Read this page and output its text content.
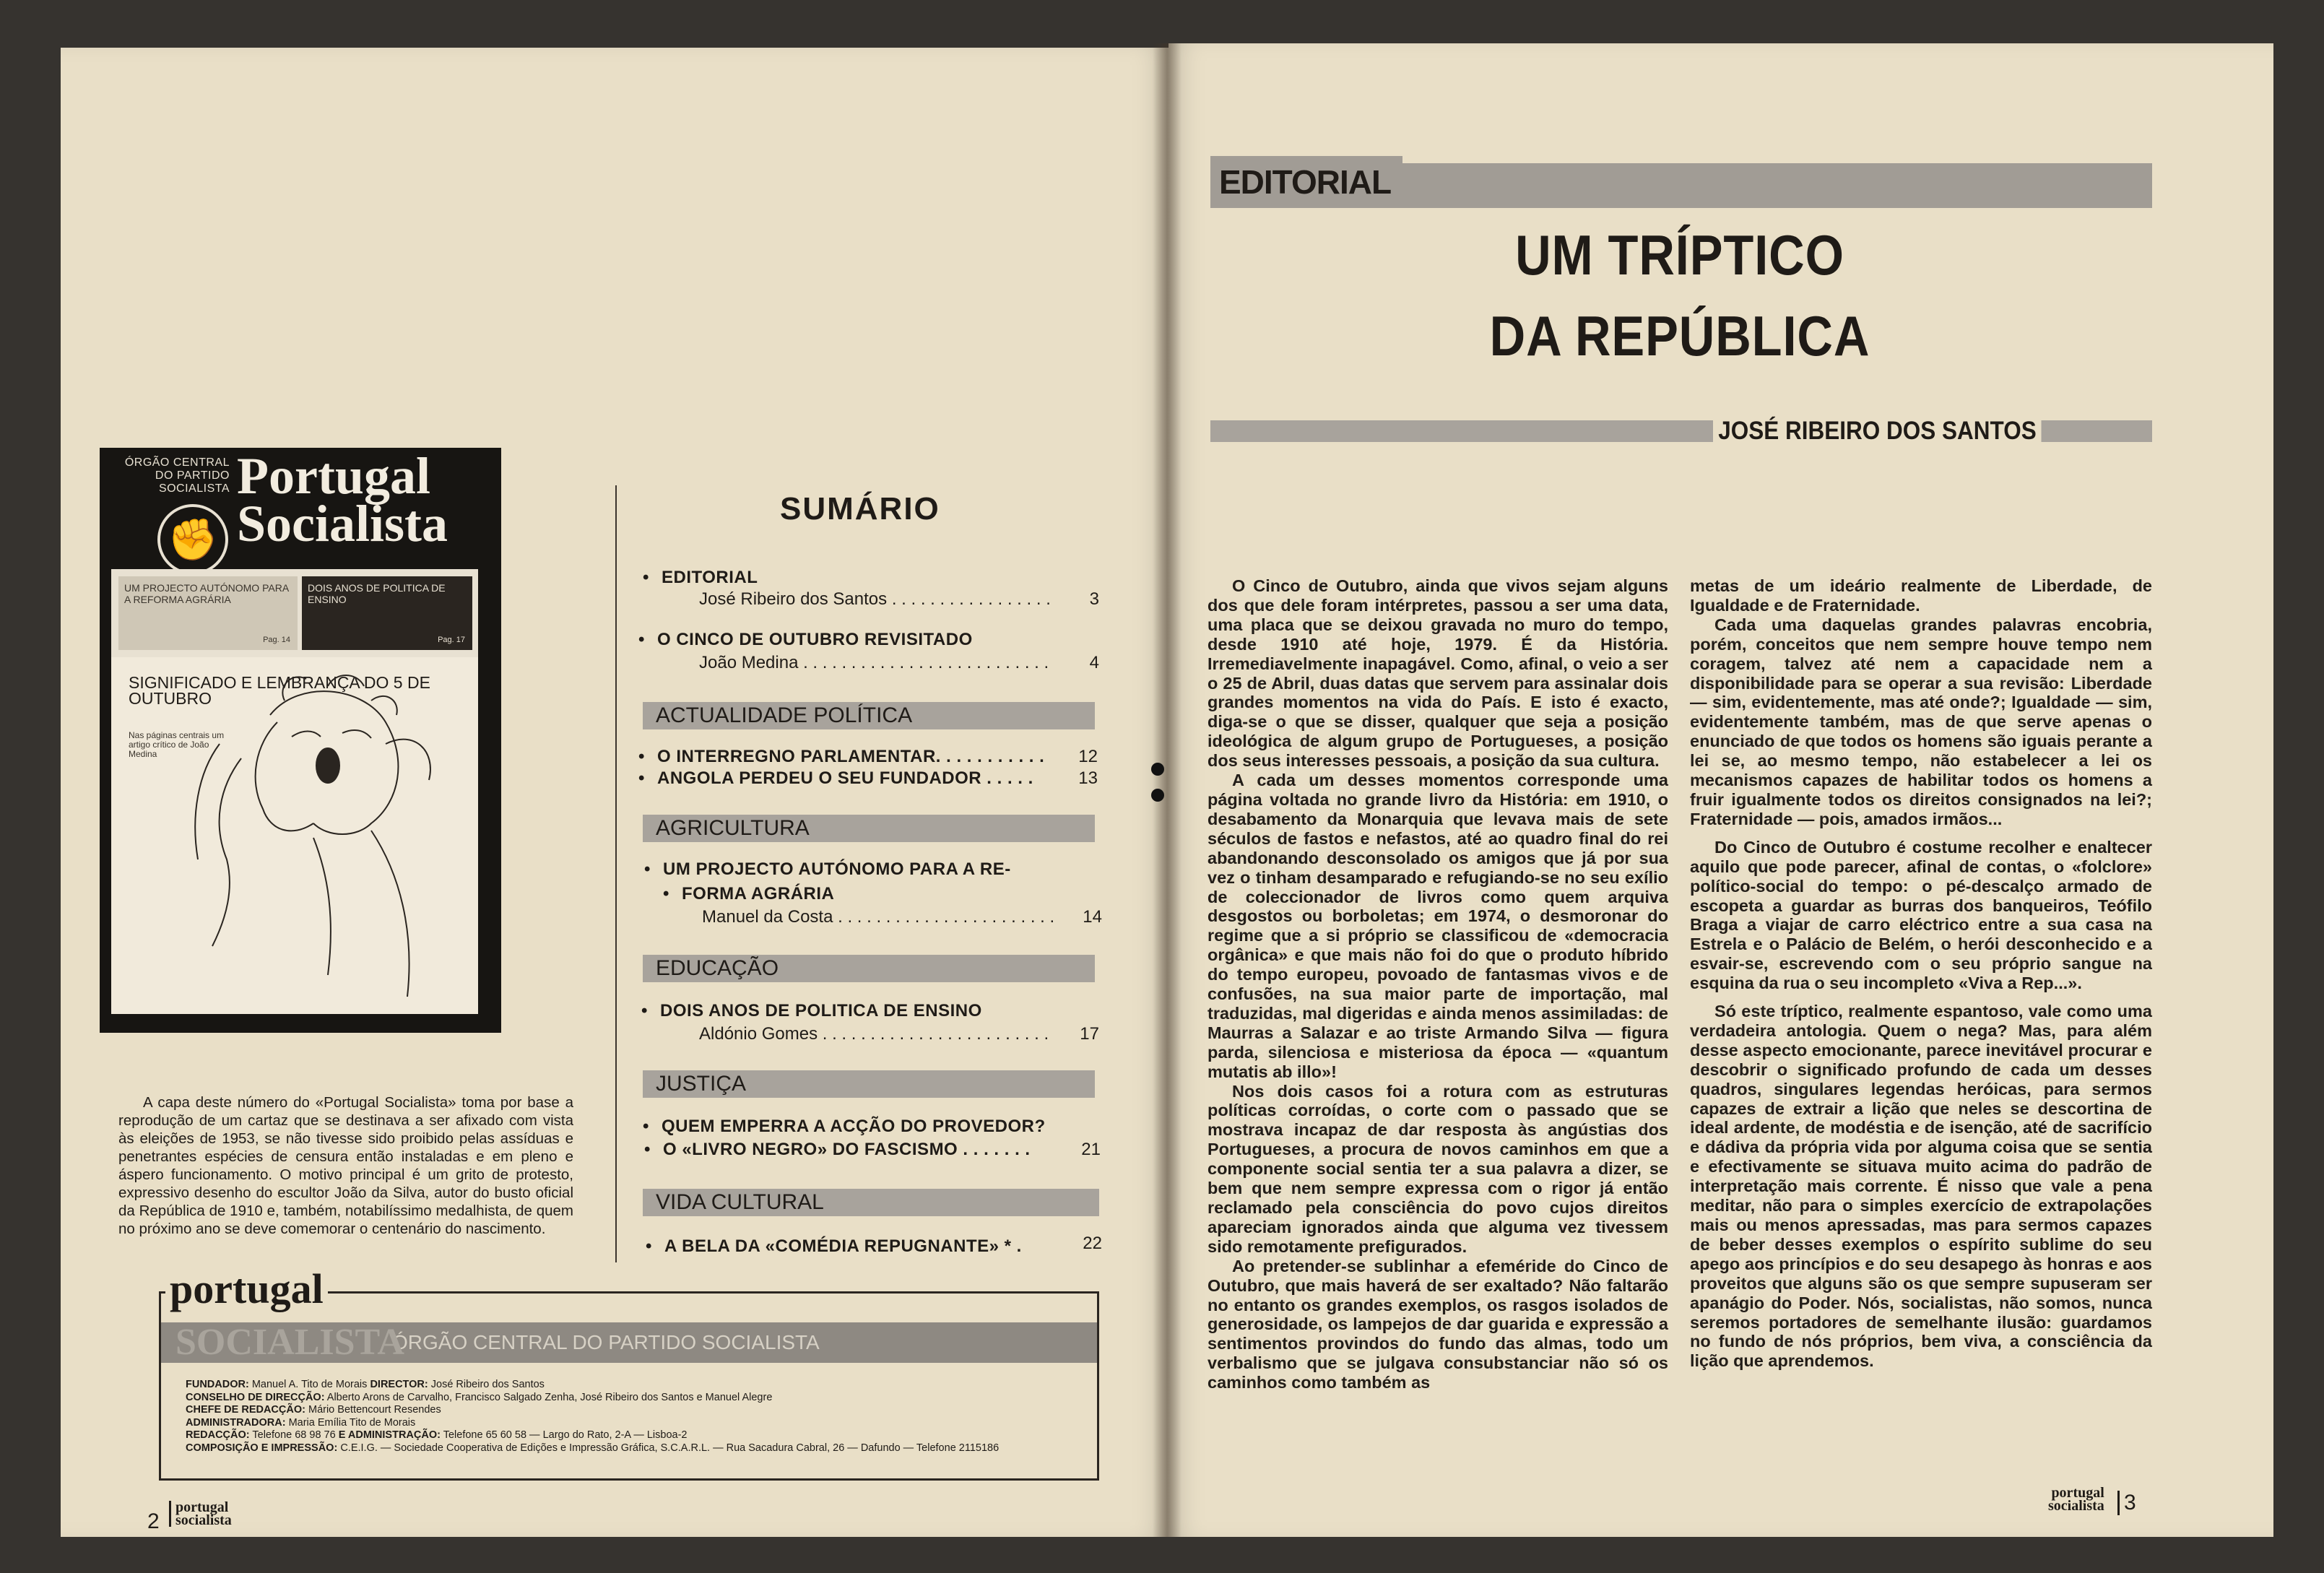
ÓRGÃO CENTRAL DO PARTIDO SOCIALISTA Portugal
Socialista
✊
UM PROJECTO AUTÓNOMO PARA A REFORMA AGRÁRIA
Pag. 14
DOIS ANOS DE POLITICA DE ENSINO
Pag. 17
SIGNIFICADO E LEMBRANÇA DO 5 DE OUTUBRO
Nas páginas centrais um artigo crítico de João Medina
A capa deste número do «Portugal Socialista» toma por base a reprodução de um cartaz que se destinava a ser afixado com vista às eleições de 1953, se não tivesse sido proibido pelas assíduas e penetrantes espécies de censura então instaladas e em pleno e áspero funcionamento. O motivo principal é um grito de protesto, expressivo desenho do escultor João da Silva, autor do busto oficial da República de 1910 e, também, notabilíssimo medalhista, de quem no próximo ano se deve comemorar o centenário do nascimento.
SUMÁRIO
• EDITORIAL
José Ribeiro dos Santos . . . . . . . . . . . . . . . . .	3
• O CINCO DE OUTUBRO REVISITADO
João Medina . . . . . . . . . . . . . . . . . . . . . . . . . .	4
ACTUALIDADE POLÍTICA
• O INTERREGNO PARLAMENTAR. . . . . . . . . . .	12
• ANGOLA PERDEU O SEU FUNDADOR . . . . .	13
AGRICULTURA
• UM PROJECTO AUTÓNOMO PARA A RE-
• FORMA AGRÁRIA
Manuel da Costa . . . . . . . . . . . . . . . . . . . . . . .	14
EDUCAÇÃO
• DOIS ANOS DE POLITICA DE ENSINO
Aldónio Gomes . . . . . . . . . . . . . . . . . . . . . . . .	17
JUSTIÇA
• QUEM EMPERRA A ACÇÃO DO PROVEDOR?
• O «LIVRO NEGRO» DO FASCISMO . . . . . . .	21
VIDA CULTURAL
• A BELA DA «COMÉDIA REPUGNANTE» * .	22
portugal
SOCIALISTA
ÓRGÃO CENTRAL DO PARTIDO SOCIALISTA
FUNDADOR: Manuel A. Tito de Morais DIRECTOR: José Ribeiro dos Santos
CONSELHO DE DIRECÇÃO: Alberto Arons de Carvalho, Francisco Salgado Zenha, José Ribeiro dos Santos e Manuel Alegre
CHEFE DE REDACÇÃO: Mário Bettencourt Resendes
ADMINISTRADORA: Maria Emília Tito de Morais
REDACÇÃO: Telefone 68 98 76 E ADMINISTRAÇÃO: Telefone 65 60 58 — Largo do Rato, 2-A — Lisboa-2
COMPOSIÇÃO E IMPRESSÃO: C.E.I.G. — Sociedade Cooperativa de Edições e Impressão Gráfica, S.C.A.R.L. — Rua Sacadura Cabral, 26 — Dafundo — Telefone 2115186
2
portugal
socialista
EDITORIAL
UM TRÍPTICO
DA REPÚBLICA
JOSÉ RIBEIRO DOS SANTOS

O Cinco de Outubro, ainda que vivos sejam alguns dos que dele foram intérpretes, passou a ser uma data, uma placa que se deixou gravada no muro do tempo, desde 1910 até hoje, 1979. É da História. Irremediavelmente inapagável. Como, afinal, o veio a ser o 25 de Abril, duas datas que servem para assinalar dois grandes momentos na vida do País. E isto é exacto, diga-se o que se disser, qualquer que seja a posição ideológica de algum grupo de Portugueses, a posição dos seus interesses pessoais, a posição da sua cultura.

A cada um desses momentos corresponde uma página voltada no grande livro da História: em 1910, o desabamento da Monarquia que levava mais de sete séculos de fastos e nefastos, até ao quadro final do rei abandonando desconsolado os amigos que já por sua vez o tinham desamparado e refugiando-se no seu exílio de coleccionador de livros como quem arquiva desgostos ou borboletas; em 1974, o desmoronar do regime que a si próprio se classificou de «democracia orgânica» e que mais não foi do que o produto híbrido do tempo europeu, povoado de fantasmas vivos e de confusões, na sua maior parte de importação, mal traduzidas, mal digeridas e ainda menos assimiladas: de Maurras a Salazar e ao triste Armando Silva — figura parda, silenciosa e misteriosa da época — «quantum mutatis ab illo»!

Nos dois casos foi a rotura com as estruturas políticas corroídas, o corte com o passado que se mostrava incapaz de dar resposta às angústias dos Portugueses, a procura de novos caminhos em que a componente social sentia ter a sua palavra a dizer, se bem que nem sempre expressa com o rigor já então reclamado pela consciência do povo cujos direitos apareciam ignorados ainda que alguma vez tivessem sido remotamente prefigurados.

Ao pretender-se sublinhar a efeméride do Cinco de Outubro, que mais haverá de ser exaltado? Não faltarão no entanto os grandes exemplos, os rasgos isolados de generosidade, os lampejos de dar guarida e expressão a sentimentos provindos do fundo das almas, todo um verbalismo que se julgava consubstanciar não só os caminhos como também as

metas de um ideário realmente de Liberdade, de Igualdade e de Fraternidade.

Cada uma daquelas grandes palavras encobria, porém, conceitos que nem sempre houve tempo nem coragem, talvez até nem a capacidade nem a disponibilidade para se operar a sua revisão: Liberdade — sim, evidentemente, mas até onde?; Igualdade — sim, evidentemente também, mas de que serve apenas o enunciado de que todos os homens são iguais perante a lei se, ao mesmo tempo, não estabelecer a lei os mecanismos capazes de habilitar todos os homens a fruir igualmente todos os direitos consignados na lei?; Fraternidade — pois, amados irmãos...

Do Cinco de Outubro é costume recolher e enaltecer aquilo que pode parecer, afinal de contas, o «folclore» político-social do tempo: o pé-descalço armado de escopeta a guardar as burras dos banqueiros, Teófilo Braga a viajar de carro eléctrico entre a sua casa na Estrela e o Palácio de Belém, o herói desconhecido e a esvair-se, escrevendo com o seu próprio sangue na esquina da rua o seu incompleto «Viva a Rep...».

Só este tríptico, realmente espantoso, vale como uma verdadeira antologia. Quem o nega? Mas, para além desse aspecto emocionante, parece inevitável procurar e descobrir o significado profundo de cada um desses quadros, singulares legendas heróicas, para sermos capazes de extrair a lição que neles se descortina de ideal ardente, de modéstia e de isenção, até de sacrifício e dádiva da própria vida por alguma coisa que se sentia e efectivamente se situava muito acima do padrão de interpretação mais corrente. É nisso que vale a pena meditar, não para o simples exercício de extrapolações mais ou menos apressadas, mas para sermos capazes de beber desses exemplos o espírito sublime do seu apego aos princípios e do seu desapego às honras e aos proveitos que alguns são os que sempre supuseram ser apanágio do Poder. Nós, socialistas, não somos, nunca seremos portadores de semelhante ilusão: guardamos no fundo de nós próprios, bem viva, a consciência da lição que aprendemos.

portugal
socialista 3
